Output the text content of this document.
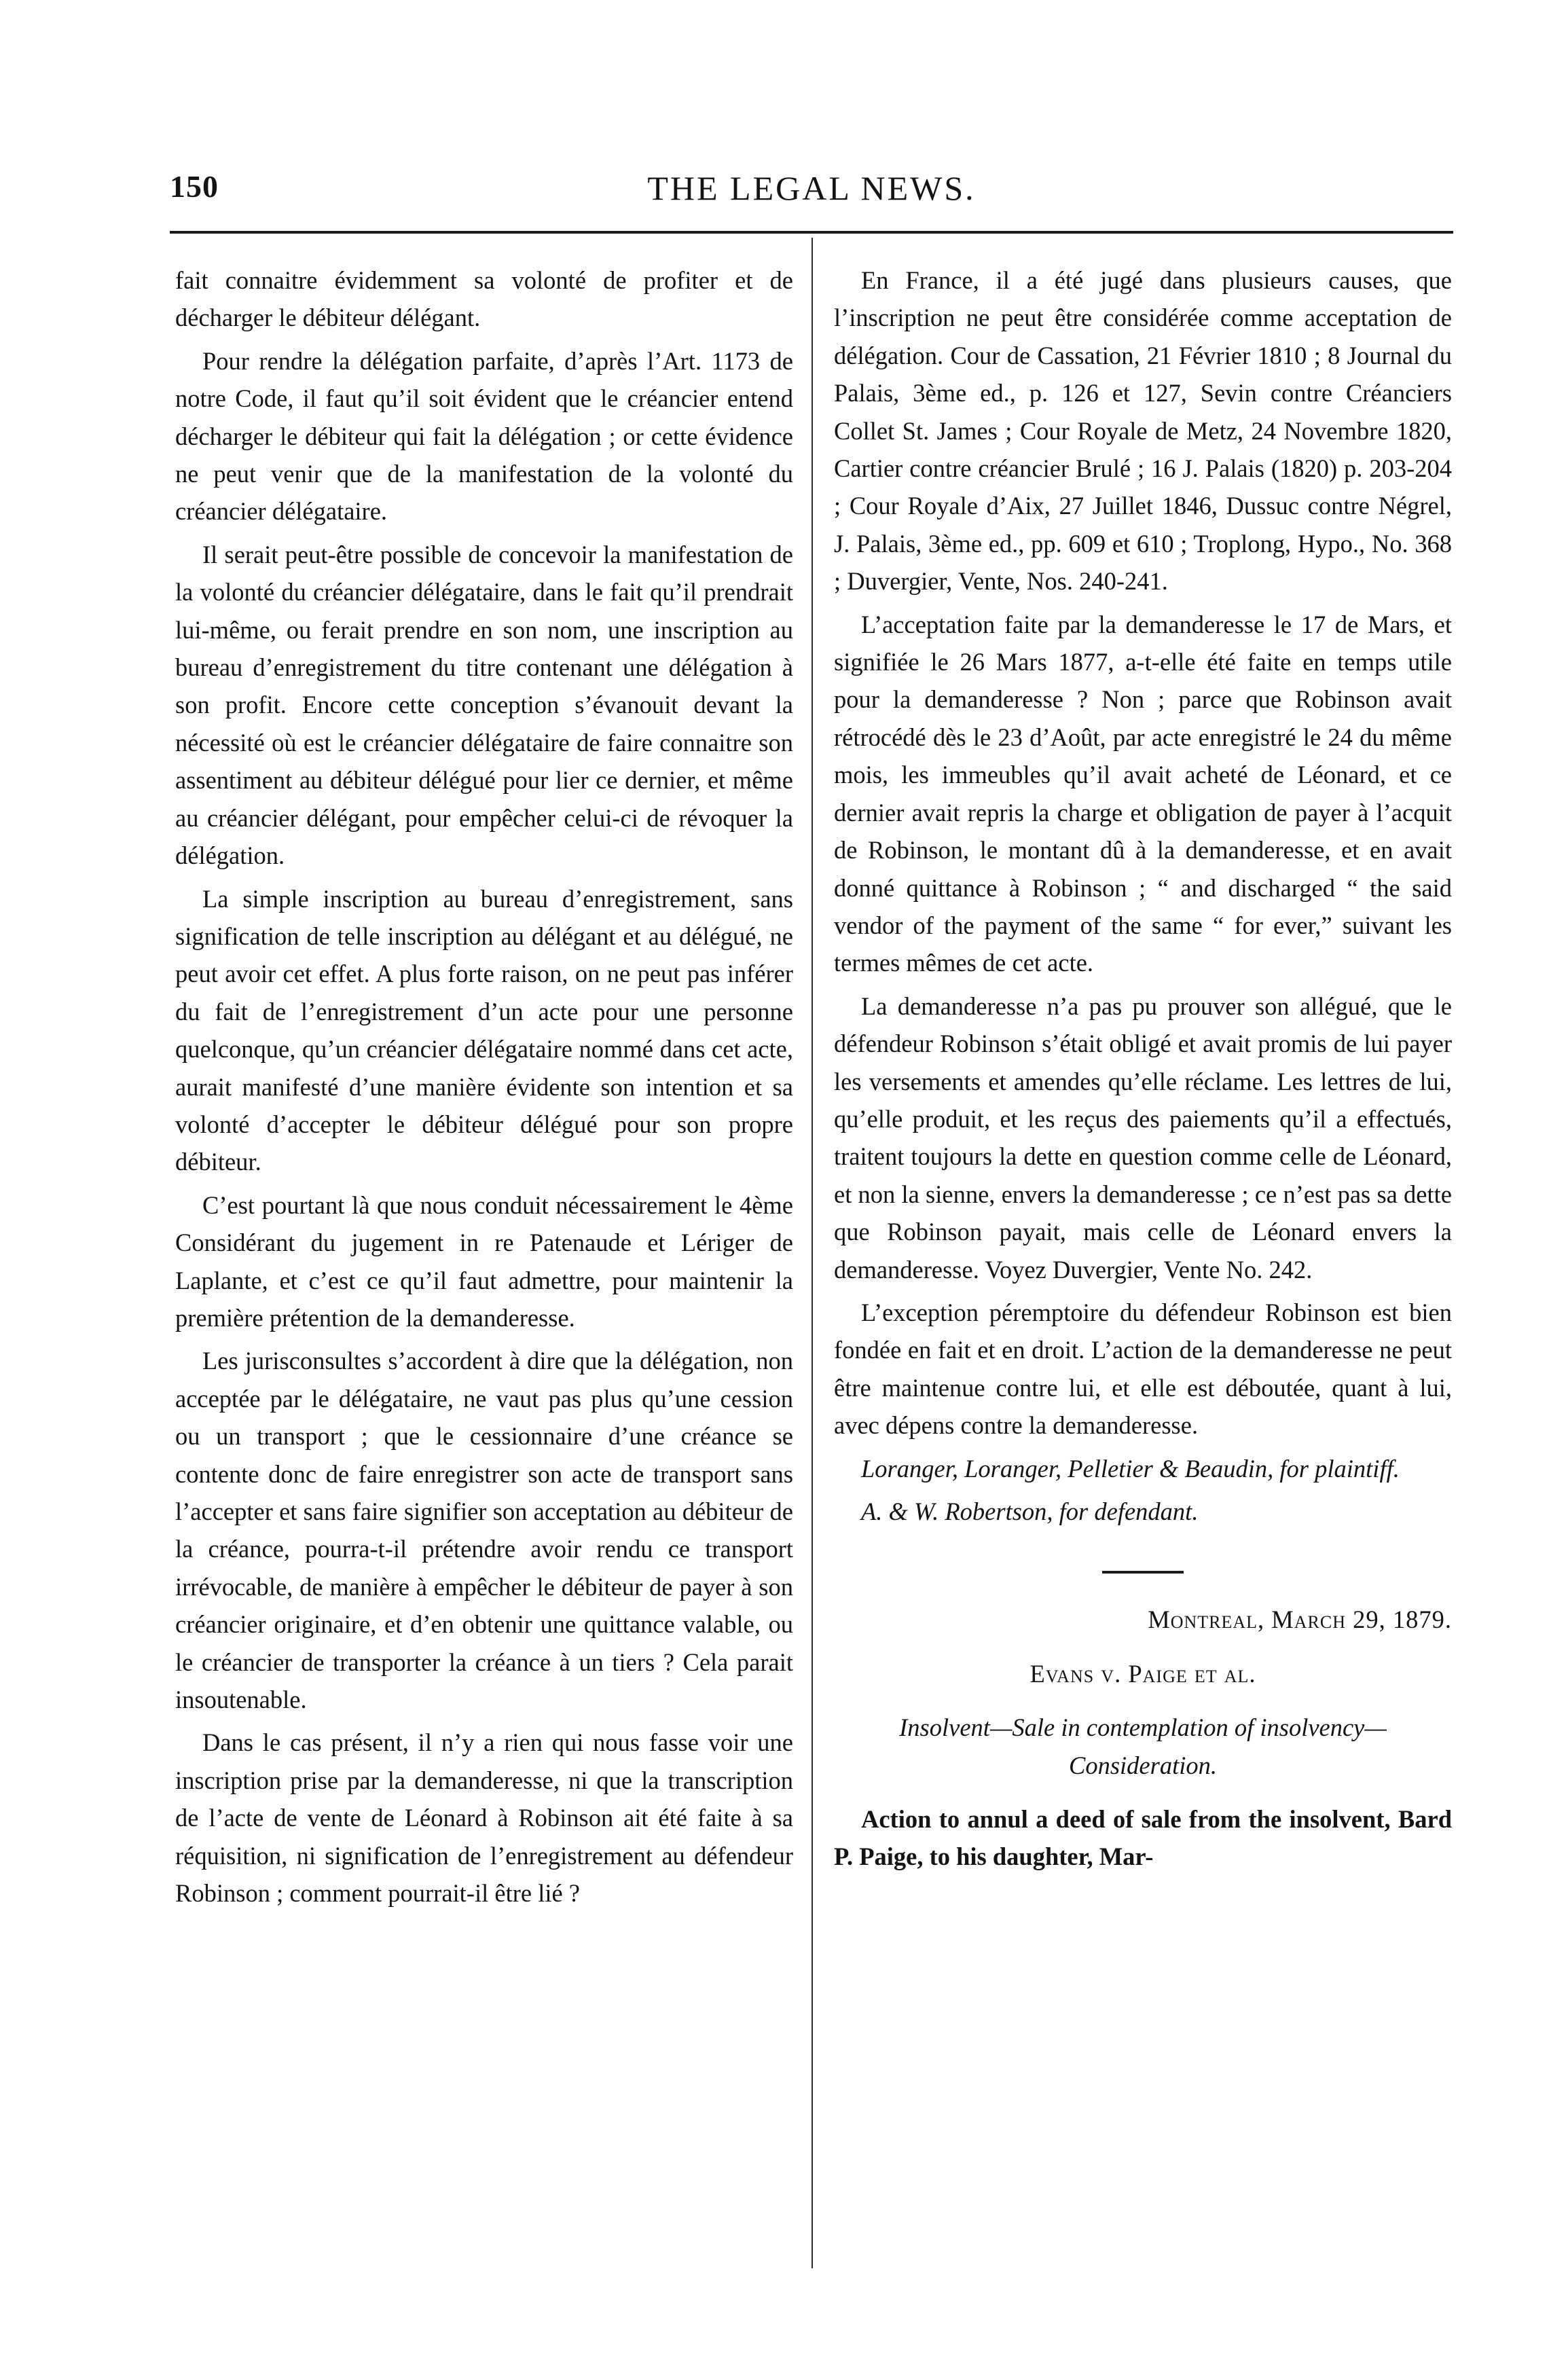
150	THE LEGAL NEWS.

fait connaitre évidemment sa volonté de profiter et de décharger le débiteur délégant.

Pour rendre la délégation parfaite, d’après l’Art. 1173 de notre Code, il faut qu’il soit évident que le créancier entend décharger le débiteur qui fait la délégation ; or cette évidence ne peut venir que de la manifestation de la volonté du créancier délégataire.

Il serait peut-être possible de concevoir la manifestation de la volonté du créancier délégataire, dans le fait qu’il prendrait lui-même, ou ferait prendre en son nom, une inscription au bureau d’enregistrement du titre contenant une délégation à son profit. Encore cette conception s’évanouit devant la nécessité où est le créancier délégataire de faire connaitre son assentiment au débiteur délégué pour lier ce dernier, et même au créancier délégant, pour empêcher celui-ci de révoquer la délégation.

La simple inscription au bureau d’enregistrement, sans signification de telle inscription au délégant et au délégué, ne peut avoir cet effet. A plus forte raison, on ne peut pas inférer du fait de l’enregistrement d’un acte pour une personne quelconque, qu’un créancier délégataire nommé dans cet acte, aurait manifesté d’une manière évidente son intention et sa volonté d’accepter le débiteur délégué pour son propre débiteur.

C’est pourtant là que nous conduit nécessairement le 4ème Considérant du jugement in re Patenaude et Lériger de Laplante, et c’est ce qu’il faut admettre, pour maintenir la première prétention de la demanderesse.

Les jurisconsultes s’accordent à dire que la délégation, non acceptée par le délégataire, ne vaut pas plus qu’une cession ou un transport ; que le cessionnaire d’une créance se contente donc de faire enregistrer son acte de transport sans l’accepter et sans faire signifier son acceptation au débiteur de la créance, pourra-t-il prétendre avoir rendu ce transport irrévocable, de manière à empêcher le débiteur de payer à son créancier originaire, et d’en obtenir une quittance valable, ou le créancier de transporter la créance à un tiers ? Cela parait insoutenable.

Dans le cas présent, il n’y a rien qui nous fasse voir une inscription prise par la demanderesse, ni que la transcription de l’acte de vente de Léonard à Robinson ait été faite à sa réquisition, ni signification de l’enregistrement au défendeur Robinson ; comment pourrait-il être lié ?

En France, il a été jugé dans plusieurs causes, que l’inscription ne peut être considérée comme acceptation de délégation. Cour de Cassation, 21 Février 1810 ; 8 Journal du Palais, 3ème ed., p. 126 et 127, Sevin contre Créanciers Collet St. James ; Cour Royale de Metz, 24 Novembre 1820, Cartier contre créancier Brulé ; 16 J. Palais (1820) p. 203-204 ; Cour Royale d’Aix, 27 Juillet 1846, Dussuc contre Négrel, J. Palais, 3ème ed., pp. 609 et 610 ; Troplong, Hypo., No. 368 ; Duvergier, Vente, Nos. 240-241.

L’acceptation faite par la demanderesse le 17 de Mars, et signifiée le 26 Mars 1877, a-t-elle été faite en temps utile pour la demanderesse ? Non ; parce que Robinson avait rétrocédé dès le 23 d’Août, par acte enregistré le 24 du même mois, les immeubles qu’il avait acheté de Léonard, et ce dernier avait repris la charge et obligation de payer à l’acquit de Robinson, le montant dû à la demanderesse, et en avait donné quittance à Robinson ; “ and discharged “ the said vendor of the payment of the same “ for ever,” suivant les termes mêmes de cet acte.

La demanderesse n’a pas pu prouver son allégué, que le défendeur Robinson s’était obligé et avait promis de lui payer les versements et amendes qu’elle réclame. Les lettres de lui, qu’elle produit, et les reçus des paiements qu’il a effectués, traitent toujours la dette en question comme celle de Léonard, et non la sienne, envers la demanderesse ; ce n’est pas sa dette que Robinson payait, mais celle de Léonard envers la demanderesse. Voyez Duvergier, Vente No. 242.

L’exception péremptoire du défendeur Robinson est bien fondée en fait et en droit. L’action de la demanderesse ne peut être maintenue contre lui, et elle est déboutée, quant à lui, avec dépens contre la demanderesse.

Loranger, Loranger, Pelletier & Beaudin, for plaintiff.

A. & W. Robertson, for defendant.

Montreal, March 29, 1879.

Evans v. Paige et al.

Insolvent—Sale in contemplation of insolvency—Consideration.

Action to annul a deed of sale from the insolvent, Bard P. Paige, to his daughter, Mar-
